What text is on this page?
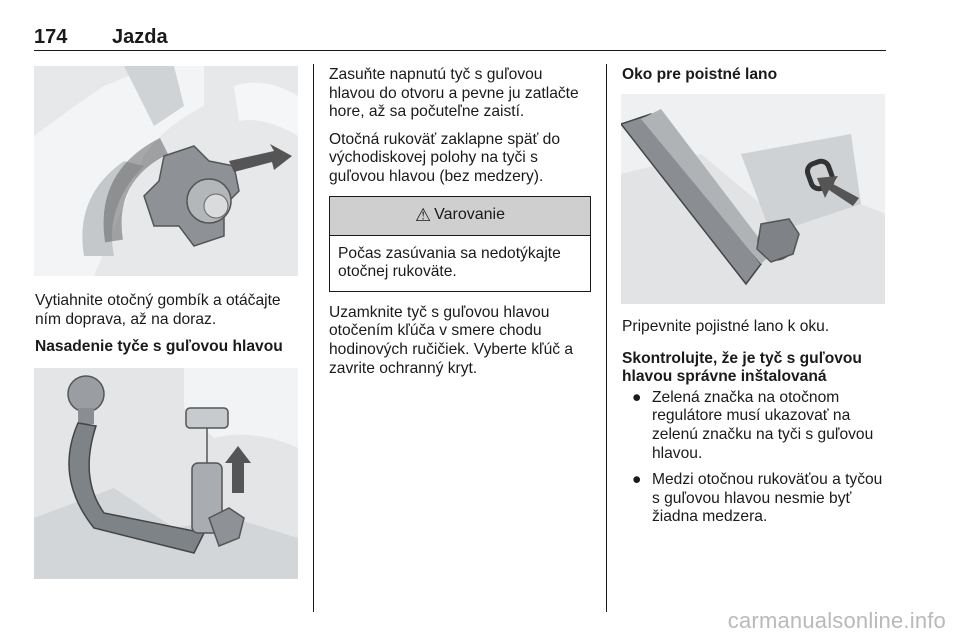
174 Jazda

Vytiahnite otočný gombík a otáčajte ním doprava, až na doraz.

Nasadenie tyče s guľovou hlavou

Zasuňte napnutú tyč s guľovou hlavou do otvoru a pevne ju zatlačte hore, až sa počuteľne zaistí.

Otočná rukoväť zaklapne späť do východiskovej polohy na tyči s guľovou hlavou (bez medzery).

⚠ Varovanie
Počas zasúvania sa nedotýkajte otočnej rukoväte.

Uzamknite tyč s guľovou hlavou otočením kľúča v smere chodu hodinových ručičiek. Vyberte kľúč a zavrite ochranný kryt.

Oko pre poistné lano

Pripevnite pojistné lano k oku.

Skontrolujte, že je tyč s guľovou hlavou správne inštalovaná
● Zelená značka na otočnom regulátore musí ukazovať na zelenú značku na tyči s guľovou hlavou.
● Medzi otočnou rukoväťou a tyčou s guľovou hlavou nesmie byť žiadna medzera.
carmanualsonline.info
